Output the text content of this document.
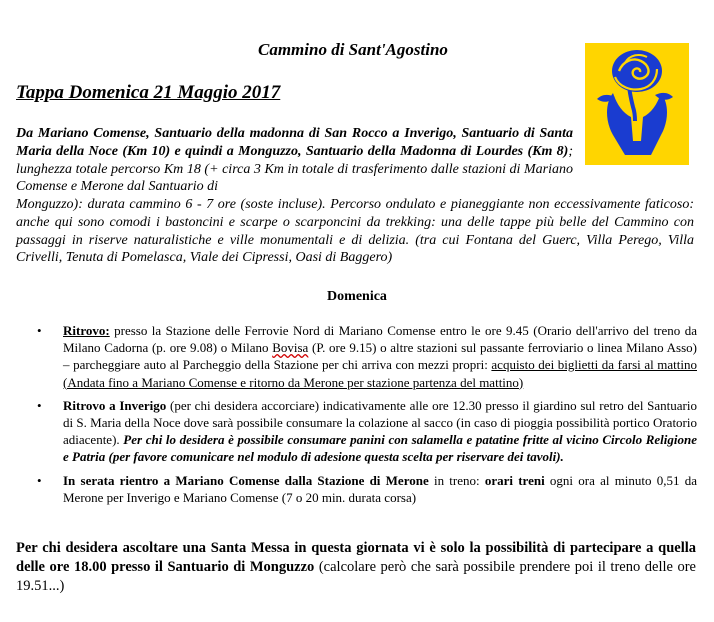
Cammino di Sant'Agostino
Tappa Domenica 21 Maggio 2017
Da Mariano Comense, Santuario della madonna di San Rocco a Inverigo, Santuario di Santa Maria della Noce (Km 10) e quindi a Monguzzo, Santuario della Madonna di Lourdes (Km 8); lunghezza totale percorso Km 18 (+ circa 3 Km in totale di trasferimento dalle stazioni di Mariano Comense e Merone dal Santuario di
Monguzzo): durata cammino 6 - 7 ore (soste incluse). Percorso ondulato e pianeggiante non eccessivamente faticoso: anche qui sono comodi i bastoncini e scarpe o scarponcini da trekking: una delle tappe più belle del Cammino con passaggi in riserve naturalistiche e ville monumentali e di delizia. (tra cui Fontana del Guerc, Villa Perego, Villa Crivelli, Tenuta di Pomelasca, Viale dei Cipressi, Oasi di Baggero)
Domenica
• Ritrovo: presso la Stazione delle Ferrovie Nord di Mariano Comense entro le ore 9.45 (Orario dell'arrivo del treno da Milano Cadorna (p. ore 9.08) o Milano Bovisa (P. ore 9.15) o altre stazioni sul passante ferroviario o linea Milano Asso) – parcheggiare auto al Parcheggio della Stazione per chi arriva con mezzi propri: acquisto dei biglietti da farsi al mattino (Andata fino a Mariano Comense e ritorno da Merone per stazione partenza del mattino)
• Ritrovo a Inverigo (per chi desidera accorciare) indicativamente alle ore 12.30 presso il giardino sul retro del Santuario di S. Maria della Noce dove sarà possibile consumare la colazione al sacco (in caso di pioggia possibilità portico Oratorio adiacente). Per chi lo desidera è possibile consumare panini con salamella e patatine fritte al vicino Circolo Religione e Patria (per favore comunicare nel modulo di adesione questa scelta per riservare dei tavoli).
• In serata rientro a Mariano Comense dalla Stazione di Merone in treno: orari treni ogni ora al minuto 0,51 da Merone per Inverigo e Mariano Comense (7 o 20 min. durata corsa)
Per chi desidera ascoltare una Santa Messa in questa giornata vi è solo la possibilità di partecipare a quella delle ore 18.00 presso il Santuario di Monguzzo (calcolare però che sarà possibile prendere poi il treno delle ore 19.51...)
